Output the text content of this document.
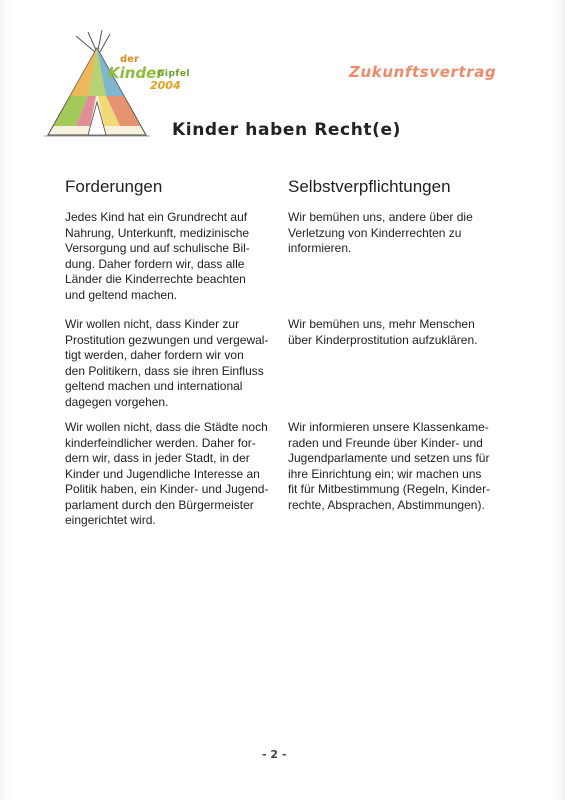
der
Kinder
Gipfel
2004
Zukunftsvertrag
Kinder haben Recht(e)
Forderungen	Selbstverpflichtungen

Jedes Kind hat ein Grundrecht auf
Nahrung, Unterkunft, medizinische
Versorgung und auf schulische Bil-
dung. Daher fordern wir, dass alle
Länder die Kinderrechte beachten
und geltend machen.

Wir bemühen uns, andere über die
Verletzung von Kinderrechten zu
informieren.

Wir wollen nicht, dass Kinder zur
Prostitution gezwungen und vergewal-
tigt werden, daher fordern wir von
den Politikern, dass sie ihren Einfluss
geltend machen und international
dagegen vorgehen.

Wir bemühen uns, mehr Menschen
über Kinderprostitution aufzuklären.

Wir wollen nicht, dass die Städte noch
kinderfeindlicher werden. Daher for-
dern wir, dass in jeder Stadt, in der
Kinder und Jugendliche Interesse an
Politik haben, ein Kinder- und Jugend-
parlament durch den Bürgermeister
eingerichtet wird.

Wir informieren unsere Klassenkame-
raden und Freunde über Kinder- und
Jugendparlamente und setzen uns für
ihre Einrichtung ein; wir machen uns
fit für Mitbestimmung (Regeln, Kinder-
rechte, Absprachen, Abstimmungen).

- 2 -
